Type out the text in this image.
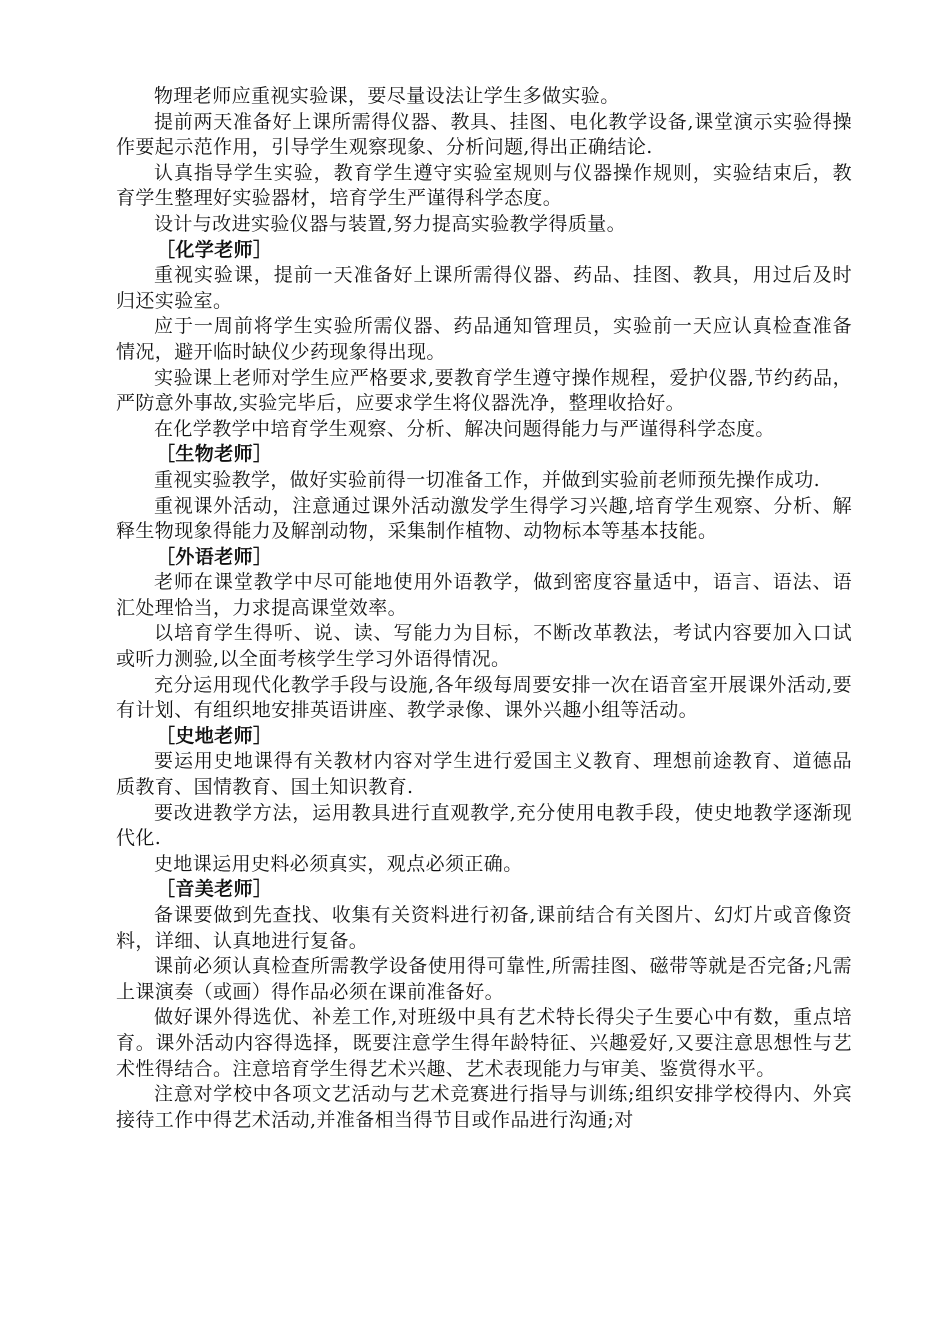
物理老师应重视实验课，要尽量设法让学生多做实验。

提前两天准备好上课所需得仪器、教具、挂图、电化教学设备,课堂演示实验得操作要起示范作用，引导学生观察现象、分析问题,得出正确结论.

认真指导学生实验，教育学生遵守实验室规则与仪器操作规则，实验结束后，教育学生整理好实验器材，培育学生严谨得科学态度。

设计与改进实验仪器与装置,努力提高实验教学得质量。

［化学老师］

重视实验课，提前一天准备好上课所需得仪器、药品、挂图、教具，用过后及时归还实验室。

应于一周前将学生实验所需仪器、药品通知管理员，实验前一天应认真检查准备情况，避开临时缺仪少药现象得出现。

实验课上老师对学生应严格要求,要教育学生遵守操作规程，爱护仪器,节约药品，严防意外事故,实验完毕后，应要求学生将仪器洗净，整理收拾好。

在化学教学中培育学生观察、分析、解决问题得能力与严谨得科学态度。

［生物老师］

重视实验教学，做好实验前得一切准备工作，并做到实验前老师预先操作成功.

重视课外活动，注意通过课外活动激发学生得学习兴趣,培育学生观察、分析、解释生物现象得能力及解剖动物，采集制作植物、动物标本等基本技能。

［外语老师］

老师在课堂教学中尽可能地使用外语教学，做到密度容量适中，语言、语法、语汇处理恰当，力求提高课堂效率。

以培育学生得听、说、读、写能力为目标，不断改革教法，考试内容要加入口试或听力测验,以全面考核学生学习外语得情况。

充分运用现代化教学手段与设施,各年级每周要安排一次在语音室开展课外活动,要有计划、有组织地安排英语讲座、教学录像、课外兴趣小组等活动。

［史地老师］

要运用史地课得有关教材内容对学生进行爱国主义教育、理想前途教育、道德品质教育、国情教育、国土知识教育.

要改进教学方法，运用教具进行直观教学,充分使用电教手段，使史地教学逐渐现代化.

史地课运用史料必须真实，观点必须正确。

［音美老师］

备课要做到先查找、收集有关资料进行初备,课前结合有关图片、幻灯片或音像资料，详细、认真地进行复备。

课前必须认真检查所需教学设备使用得可靠性,所需挂图、磁带等就是否完备;凡需上课演奏（或画）得作品必须在课前准备好。

做好课外得选优、补差工作,对班级中具有艺术特长得尖子生要心中有数，重点培育。课外活动内容得选择，既要注意学生得年龄特征、兴趣爱好,又要注意思想性与艺术性得结合。注意培育学生得艺术兴趣、艺术表现能力与审美、鉴赏得水平。

注意对学校中各项文艺活动与艺术竞赛进行指导与训练;组织安排学校得内、外宾接待工作中得艺术活动,并准备相当得节目或作品进行沟通;对
